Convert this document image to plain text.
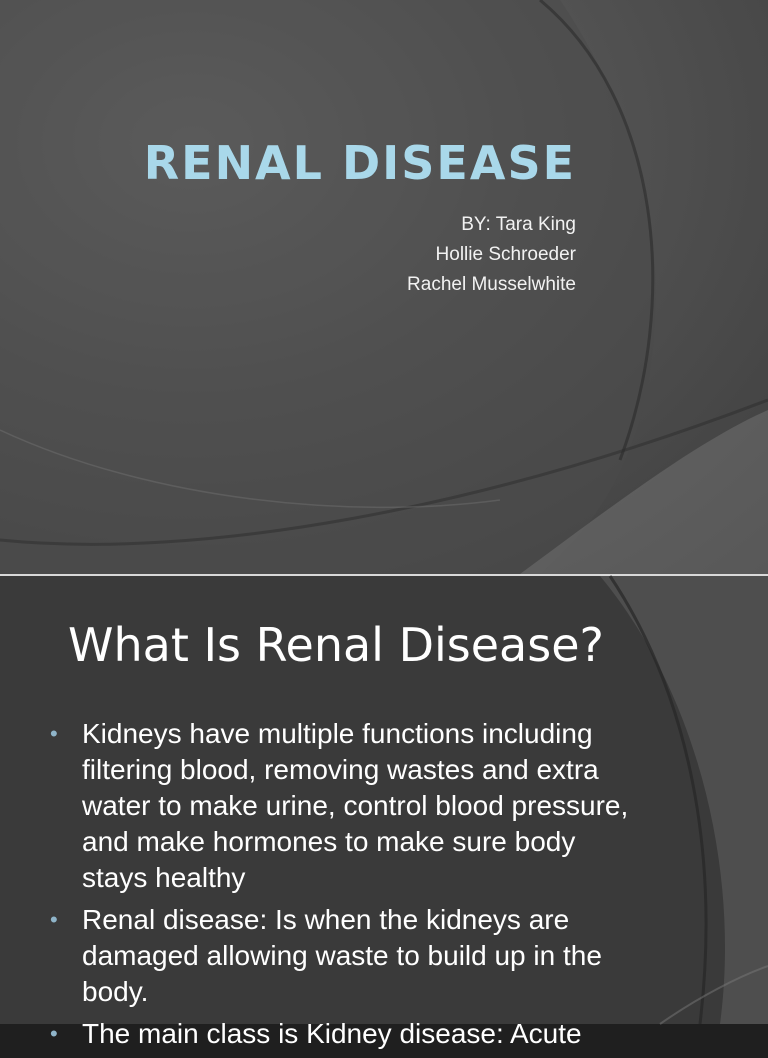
RENAL DISEASE
BY: Tara King
Hollie Schroeder
Rachel Musselwhite
What Is Renal Disease?
• Kidneys have multiple functions including filtering blood, removing wastes and extra water to make urine, control blood pressure, and make hormones to make sure body stays healthy
• Renal disease: Is when the kidneys are damaged allowing waste to build up in the body.
• The main class is Kidney disease: Acute
